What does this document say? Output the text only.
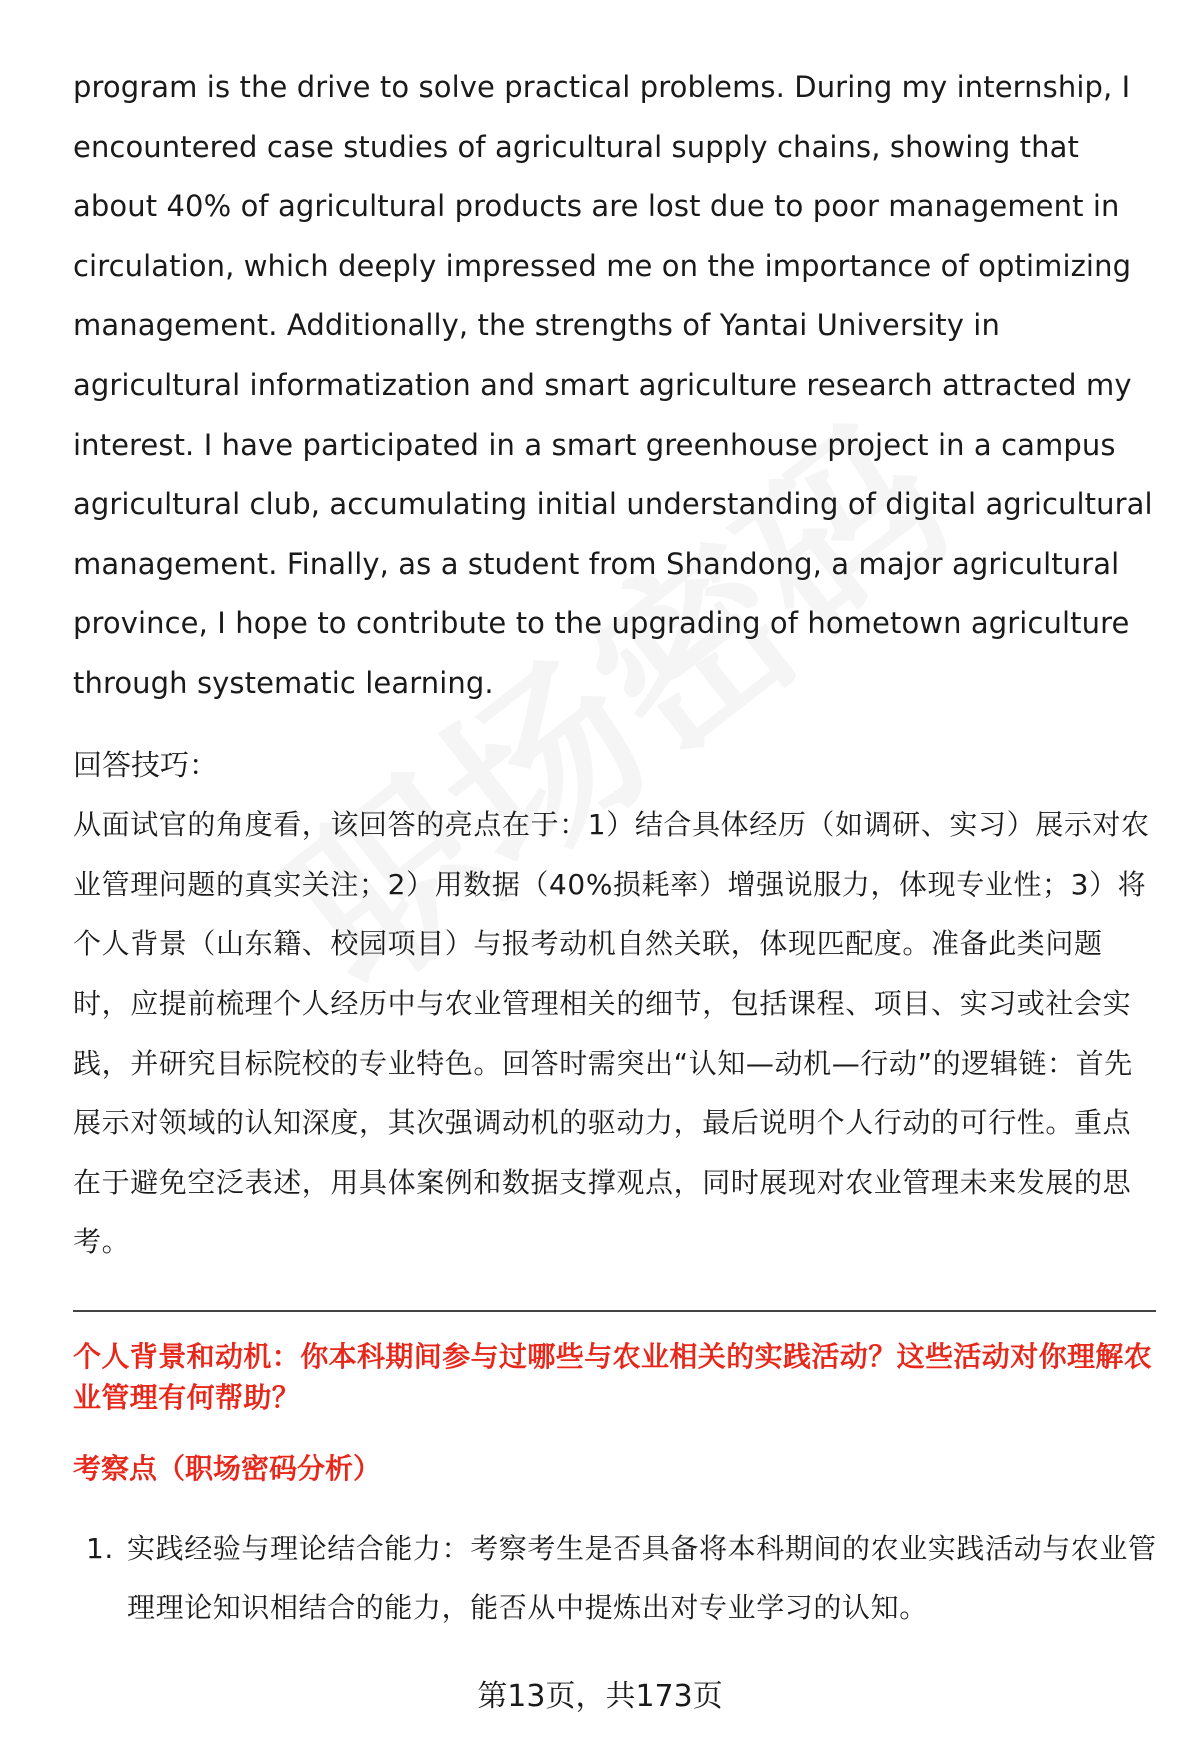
program is the drive to solve practical problems. During my internship, I encountered case studies of agricultural supply chains, showing that about 40% of agricultural products are lost due to poor management in circulation, which deeply impressed me on the importance of optimizing management. Additionally, the strengths of Yantai University in agricultural informatization and smart agriculture research attracted my interest. I have participated in a smart greenhouse project in a campus agricultural club, accumulating initial understanding of digital agricultural management. Finally, as a student from Shandong, a major agricultural province, I hope to contribute to the upgrading of hometown agriculture through systematic learning.

回答技巧：

从面试官的角度看，该回答的亮点在于：1）结合具体经历（如调研、实习）展示对农业管理问题的真实关注；2）用数据（40%损耗率）增强说服力，体现专业性；3）将个人背景（山东籍、校园项目）与报考动机自然关联，体现匹配度。准备此类问题时，应提前梳理个人经历中与农业管理相关的细节，包括课程、项目、实习或社会实践，并研究目标院校的专业特色。回答时需突出“认知—动机—行动”的逻辑链：首先展示对领域的认知深度，其次强调动机的驱动力，最后说明个人行动的可行性。重点在于避免空泛表述，用具体案例和数据支撑观点，同时展现对农业管理未来发展的思考。

个人背景和动机：你本科期间参与过哪些与农业相关的实践活动？这些活动对你理解农业管理有何帮助？

考察点（职场密码分析）

1. 实践经验与理论结合能力：考察考生是否具备将本科期间的农业实践活动与农业管理理论知识相结合的能力，能否从中提炼出对专业学习的认知。
第13页，共173页
